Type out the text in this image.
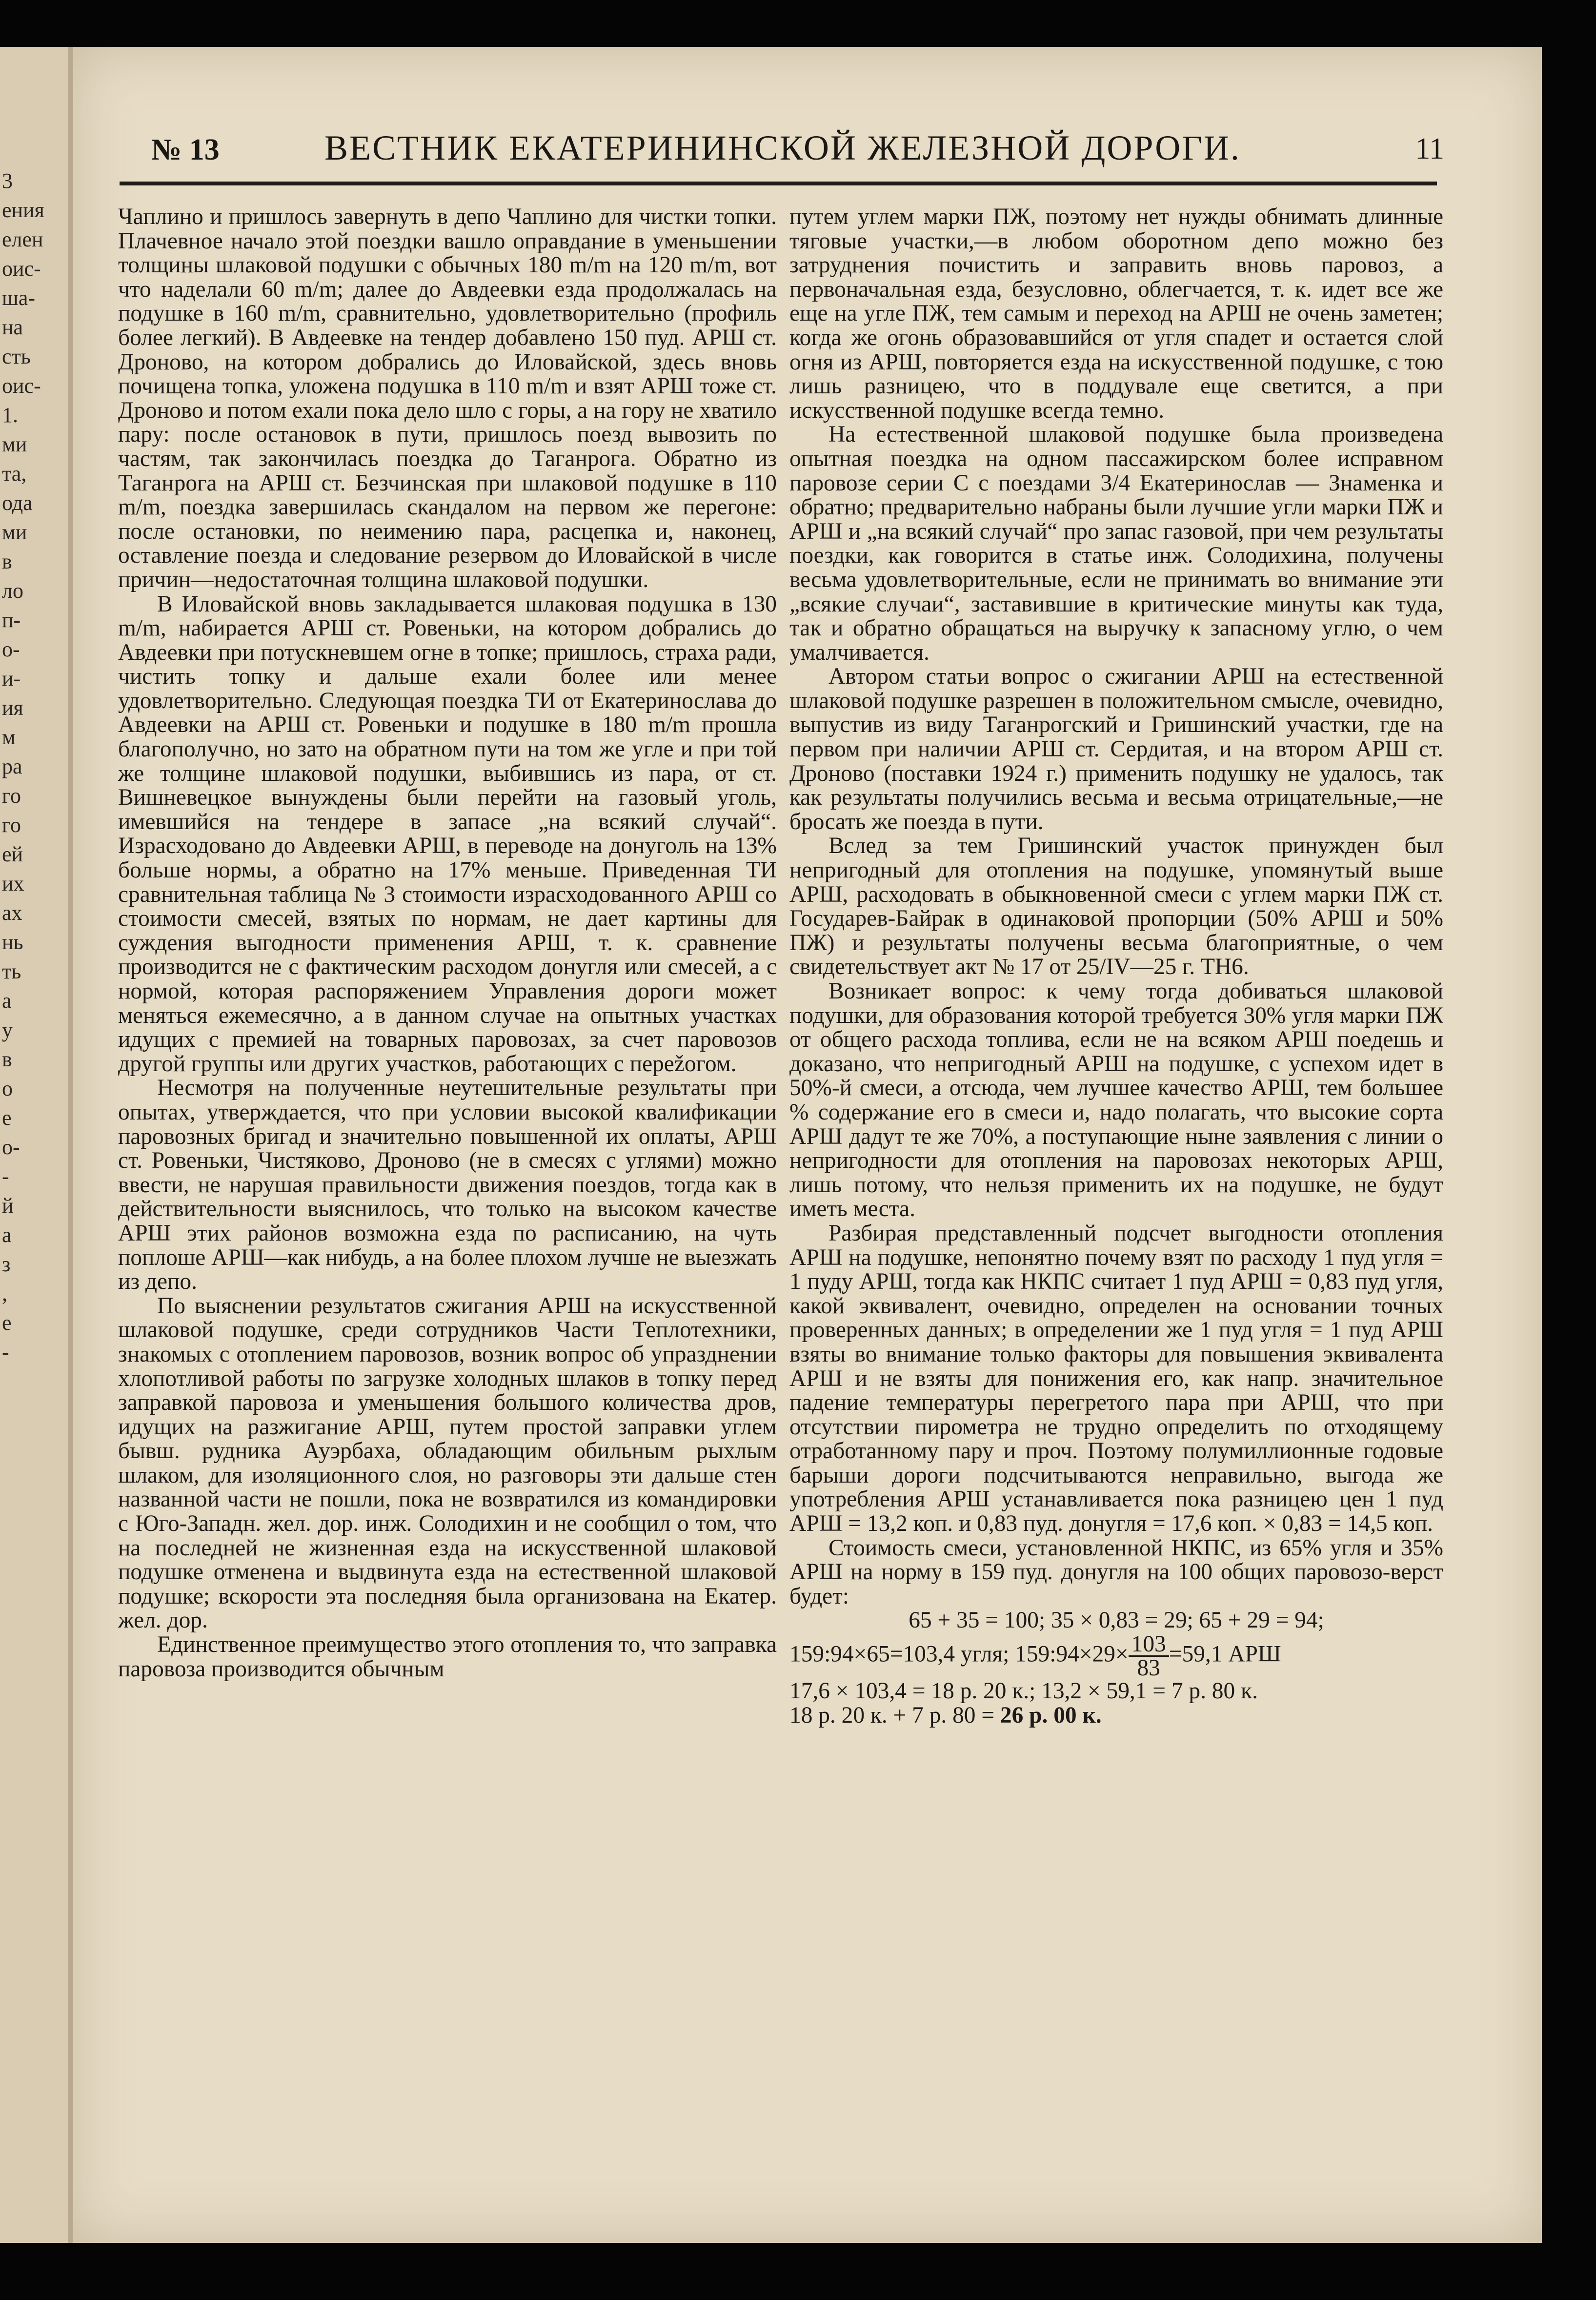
3
ения
елен
оис-
ша-
на
сть
оис-
1.
ми
та,
ода
ми
в
ло
п-
о-
и-
ия
м
ра
го
го
ей
их
ах
нь
ть
а
у
в
о
е
о-
-
й
а
з
,
е
-
№ 13	ВЕСТНИК ЕКАТЕРИНИНСКОЙ ЖЕЛЕЗНОЙ ДОРОГИ.	11

Чаплино и пришлось завернуть в депо Чаплино для чистки топки. Плачевное начало этой поездки вашло оправдание в уменьшении толщины шлаковой подушки с обычных 180 m/m на 120 m/m, вот что наделали 60 m/m; далее до Авдеевки езда продолжалась на подушке в 160 m/m, сравнительно, удовлетворительно (профиль более легкий). В Авдеевке на тендер добавлено 150 пуд. АРШ ст. Дроново, на котором добрались до Иловайской, здесь вновь почищена топка, уложена подушка в 110 m/m и взят АРШ тоже ст. Дроново и потом ехали пока дело шло с горы, а на гору не хватило пару: после остановок в пути, пришлось поезд вывозить по частям, так закончилась поездка до Таганрога. Обратно из Таганрога на АРШ ст. Безчинская при шлаковой подушке в 110 m/m, поездка завершилась скандалом на первом же перегоне: после остановки, по неимению пара, расцепка и, наконец, оставление поезда и следование резервом до Иловайской в числе причин—недостаточная толщина шлаковой подушки.

В Иловайской вновь закладывается шлаковая подушка в 130 m/m, набирается АРШ ст. Ровеньки, на котором добрались до Авдеевки при потускневшем огне в топке; пришлось, страха ради, чистить топку и дальше ехали более или менее удовлетворительно. Следующая поездка ТИ от Екатеринослава до Авдеевки на АРШ ст. Ровеньки и подушке в 180 m/m прошла благополучно, но зато на обратном пути на том же угле и при той же толщине шлаковой подушки, выбившись из пара, от ст. Вишневецкое вынуждены были перейти на газовый уголь, имевшийся на тендере в запасе „на всякий случай“. Израсходовано до Авдеевки АРШ, в переводе на донуголь на 13% больше нормы, а обратно на 17% меньше. Приведенная ТИ сравнительная таблица № 3 стоимости израсходованного АРШ со стоимости смесей, взятых по нормам, не дает картины для суждения выгодности применения АРШ, т. к. сравнение производится не с фактическим расходом донугля или смесей, а с нормой, которая распоряжением Управления дороги может меняться ежемесячно, а в данном случае на опытных участках идущих с премией на товарных паровозах, за счет паровозов другой группы или других участков, работающих с перežогом.

Несмотря на полученные неутешительные результаты при опытах, утверждается, что при условии высокой квалификации паровозных бригад и значительно повышенной их оплаты, АРШ ст. Ровеньки, Чистяково, Дроново (не в смесях с углями) можно ввести, не нарушая правильности движения поездов, тогда как в действительности выяснилось, что только на высоком качестве АРШ этих районов возможна езда по расписанию, на чуть поплоше АРШ—как нибудь, а на более плохом лучше не выезжать из депо.

По выяснении результатов сжигания АРШ на искусственной шлаковой подушке, среди сотрудников Части Теплотехники, знакомых с отоплением паровозов, возник вопрос об упразднении хлопотливой работы по загрузке холодных шлаков в топку перед заправкой паровоза и уменьшения большого количества дров, идущих на разжигание АРШ, путем простой заправки углем бывш. рудника Ауэрбаха, обладающим обильным рыхлым шлаком, для изоляционного слоя, но разговоры эти дальше стен названной части не пошли, пока не возвратился из командировки с Юго-Западн. жел. дор. инж. Солодихин и не сообщил о том, что на последней не жизненная езда на искусственной шлаковой подушке отменена и выдвинута езда на естественной шлаковой подушке; вскорости эта последняя была организована на Екатер. жел. дор.

Единственное преимущество этого отопления то, что заправка паровоза производится обычным

путем углем марки ПЖ, поэтому нет нужды обнимать длинные тяговые участки,—в любом оборотном депо можно без затруднения почистить и заправить вновь паровоз, а первоначальная езда, безусловно, облегчается, т. к. идет все же еще на угле ПЖ, тем самым и переход на АРШ не очень заметен; когда же огонь образовавшийся от угля спадет и остается слой огня из АРШ, повторяется езда на искусственной подушке, с тою лишь разницею, что в поддувале еще светится, а при искусственной подушке всегда темно.

На естественной шлаковой подушке была произведена опытная поездка на одном пассажирском более исправном паровозе серии С с поездами 3/4 Екатеринослав — Знаменка и обратно; предварительно набраны были лучшие угли марки ПЖ и АРШ и „на всякий случай“ про запас газовой, при чем результаты поездки, как говорится в статье инж. Солодихина, получены весьма удовлетворительные, если не принимать во внимание эти „всякие случаи“, заставившие в критические минуты как туда, так и обратно обращаться на выручку к запасному углю, о чем умалчивается.

Автором статьи вопрос о сжигании АРШ на естественной шлаковой подушке разрешен в положительном смысле, очевидно, выпустив из виду Таганрогский и Гришинский участки, где на первом при наличии АРШ ст. Сердитая, и на втором АРШ ст. Дроново (поставки 1924 г.) применить подушку не удалось, так как результаты получились весьма и весьма отрицательные,—не бросать же поезда в пути.

Вслед за тем Гришинский участок принужден был непригодный для отопления на подушке, упомянутый выше АРШ, расходовать в обыкновенной смеси с углем марки ПЖ ст. Государев-Байрак в одинаковой пропорции (50% АРШ и 50% ПЖ) и результаты получены весьма благоприятные, о чем свидетельствует акт № 17 от 25/IV—25 г. ТН6.

Возникает вопрос: к чему тогда добиваться шлаковой подушки, для образования которой требуется 30% угля марки ПЖ от общего расхода топлива, если не на всяком АРШ поедешь и доказано, что непригодный АРШ на подушке, с успехом идет в 50%-й смеси, а отсюда, чем лучшее качество АРШ, тем большее % содержание его в смеси и, надо полагать, что высокие сорта АРШ дадут те же 70%, а поступающие ныне заявления с линии о непригодности для отопления на паровозах некоторых АРШ, лишь потому, что нельзя применить их на подушке, не будут иметь места.

Разбирая представленный подсчет выгодности отопления АРШ на подушке, непонятно почему взят по расходу 1 пуд угля = 1 пуду АРШ, тогда как НКПС считает 1 пуд АРШ = 0,83 пуд угля, какой эквивалент, очевидно, определен на основании точных проверенных данных; в определении же 1 пуд угля = 1 пуд АРШ взяты во внимание только факторы для повышения эквивалента АРШ и не взяты для понижения его, как напр. значительное падение температуры перегретого пара при АРШ, что при отсутствии пирометра не трудно определить по отходящему отработанному пару и проч. Поэтому полумиллионные годовые барыши дороги подсчитываются неправильно, выгода же употребления АРШ устанавливается пока разницею цен 1 пуд АРШ = 13,2 коп. и 0,83 пуд. донугля = 17,6 коп. × 0,83 = 14,5 коп.

Стоимость смеси, установленной НКПС, из 65% угля и 35% АРШ на норму в 159 пуд. донугля на 100 общих паровозо-верст будет:

65 + 35 = 100; 35 × 0,83 = 29; 65 + 29 = 94;

159:94×65=103,4 угля; 159:94×29× $\frac{103}{83} =59,1$ АРШ

17,6 × 103,4 = 18 р. 20 к.; 13,2 × 59,1 = 7 р. 80 к.

18 р. 20 к. + 7 р. 80 = 26 р. 00 к.
